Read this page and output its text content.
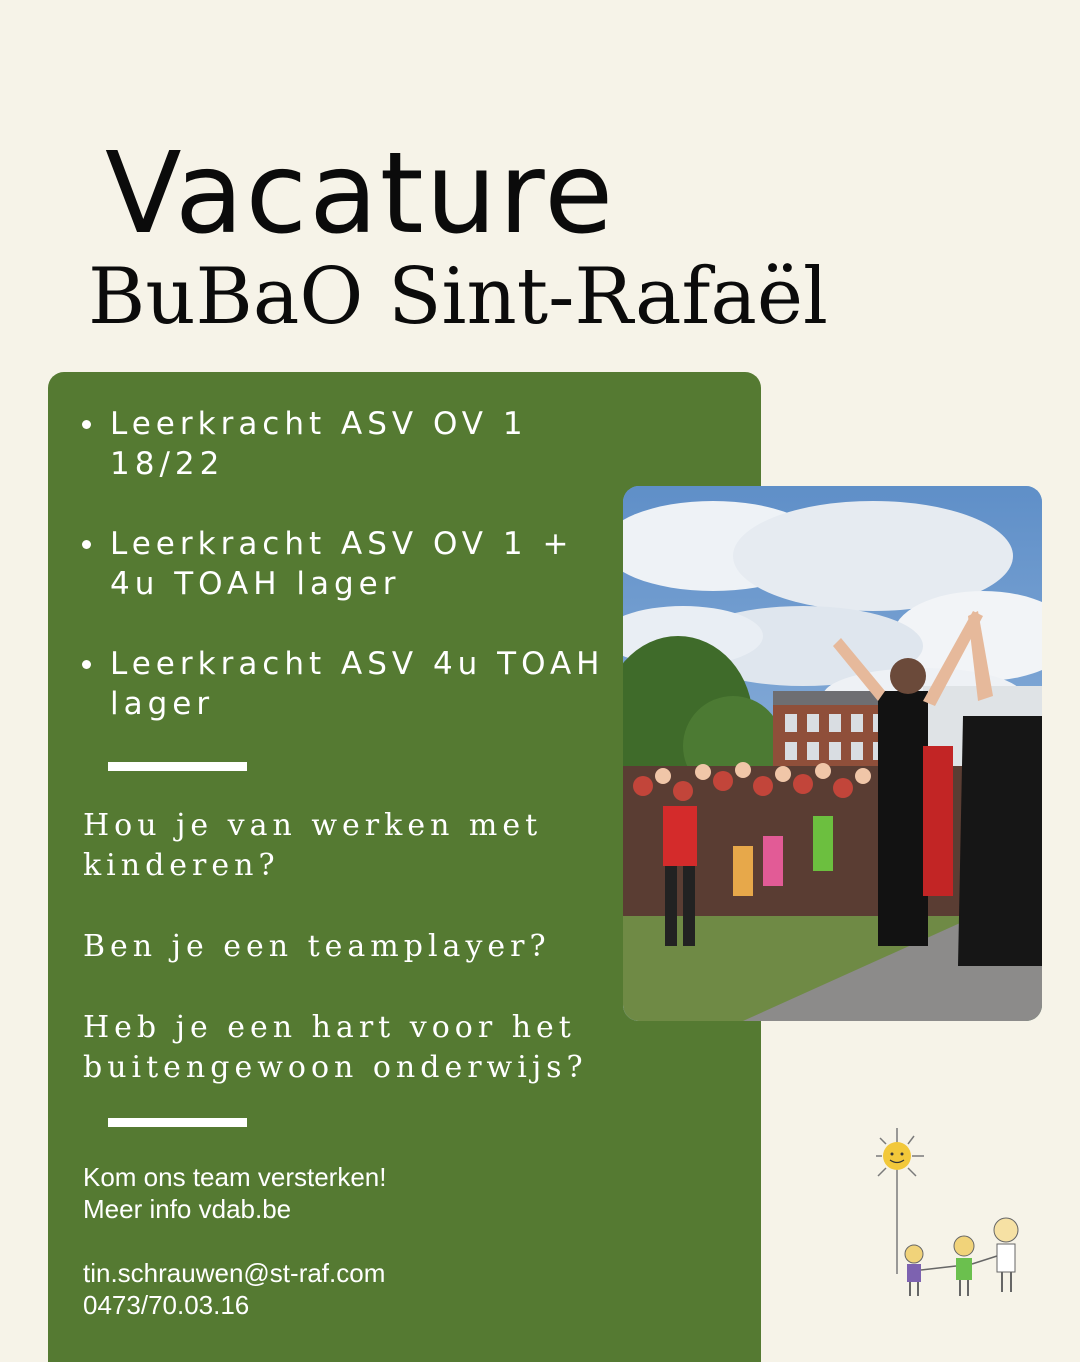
Vacature
BuBaO Sint-Rafaël
Leerkracht ASV OV 1 18/22
Leerkracht ASV OV 1 + 4u TOAH lager
Leerkracht ASV 4u TOAH lager

Hou je van werken met kinderen?

Ben je een teamplayer?

Heb je een hart voor het buitengewoon onderwijs?

Kom ons team versterken!

Meer info vdab.be

tin.schrauwen@st-raf.com

0473/70.03.16
